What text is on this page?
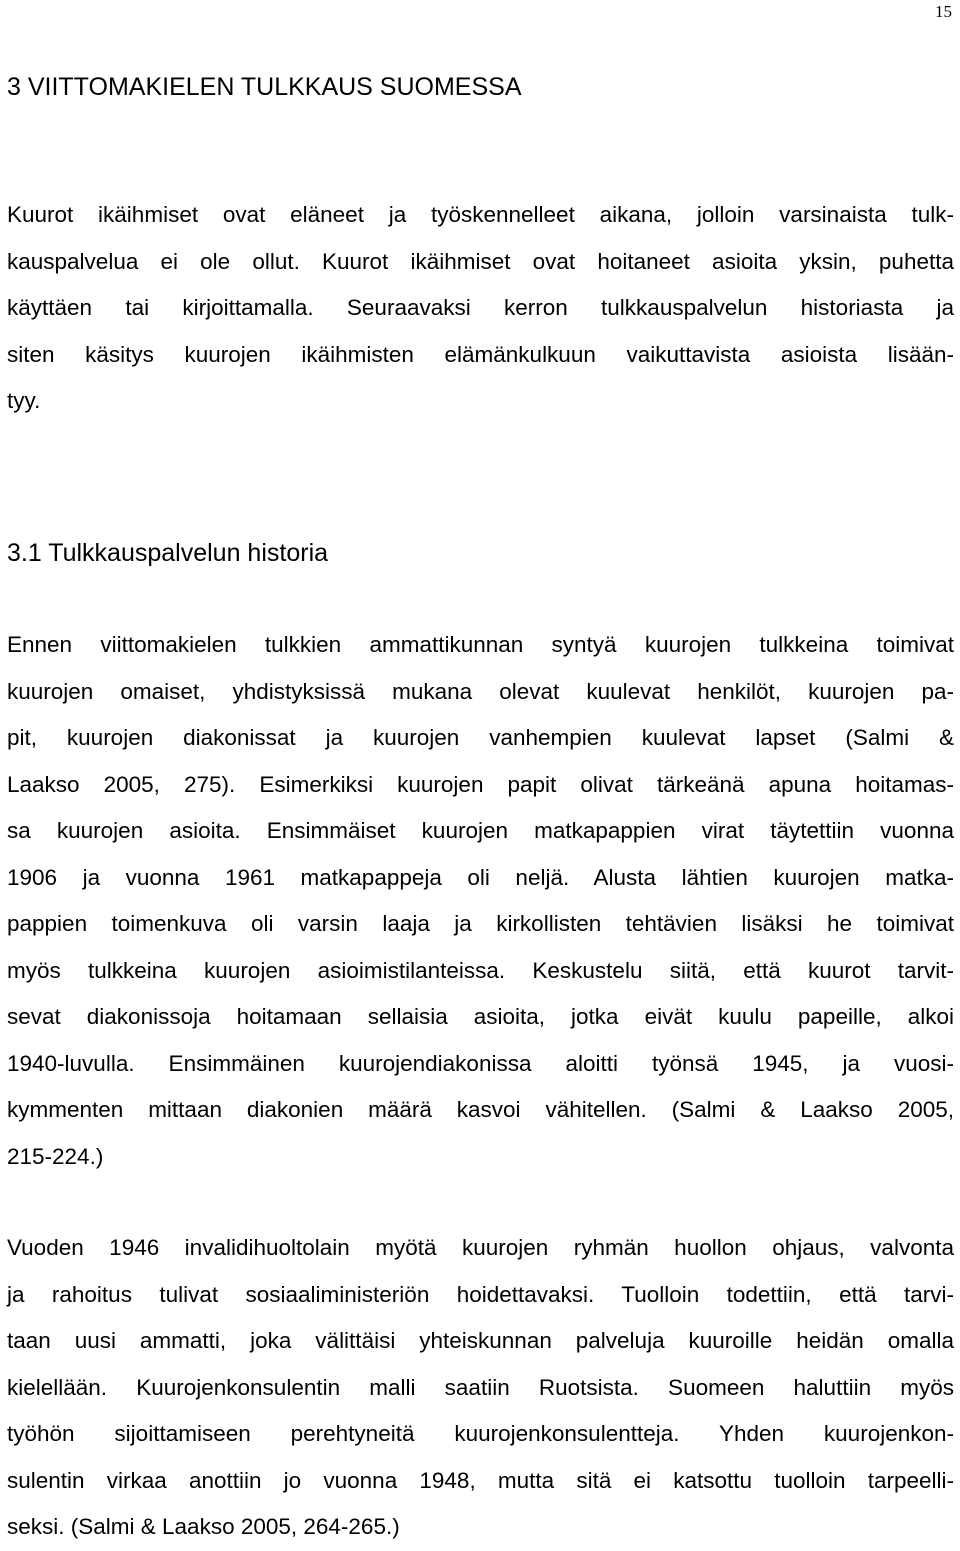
15
3 VIITTOMAKIELEN TULKKAUS SUOMESSA
Kuurot ikäihmiset ovat eläneet ja työskennelleet aikana, jolloin varsinaista tulk-
kauspalvelua ei ole ollut. Kuurot ikäihmiset ovat hoitaneet asioita yksin, puhetta
käyttäen tai kirjoittamalla. Seuraavaksi kerron tulkkauspalvelun historiasta ja
siten käsitys kuurojen ikäihmisten elämänkulkuun vaikuttavista asioista lisään-
tyy.
3.1 Tulkkauspalvelun historia
Ennen viittomakielen tulkkien ammattikunnan syntyä kuurojen tulkkeina toimivat
kuurojen omaiset, yhdistyksissä mukana olevat kuulevat henkilöt, kuurojen pa-
pit, kuurojen diakonissat ja kuurojen vanhempien kuulevat lapset (Salmi &
Laakso 2005, 275). Esimerkiksi kuurojen papit olivat tärkeänä apuna hoitamas-
sa kuurojen asioita. Ensimmäiset kuurojen matkapappien virat täytettiin vuonna
1906 ja vuonna 1961 matkapappeja oli neljä. Alusta lähtien kuurojen matka-
pappien toimenkuva oli varsin laaja ja kirkollisten tehtävien lisäksi he toimivat
myös tulkkeina kuurojen asioimistilanteissa. Keskustelu siitä, että kuurot tarvit-
sevat diakonissoja hoitamaan sellaisia asioita, jotka eivät kuulu papeille, alkoi
1940-luvulla. Ensimmäinen kuurojendiakonissa aloitti työnsä 1945, ja vuosi-
kymmenten mittaan diakonien määrä kasvoi vähitellen. (Salmi & Laakso 2005,
215-224.)
Vuoden 1946 invalidihuoltolain myötä kuurojen ryhmän huollon ohjaus, valvonta
ja rahoitus tulivat sosiaaliministeriön hoidettavaksi. Tuolloin todettiin, että tarvi-
taan uusi ammatti, joka välittäisi yhteiskunnan palveluja kuuroille heidän omalla
kielellään. Kuurojenkonsulentin malli saatiin Ruotsista. Suomeen haluttiin myös
työhön sijoittamiseen perehtyneitä kuurojenkonsulentteja. Yhden kuurojenkon-
sulentin virkaa anottiin jo vuonna 1948, mutta sitä ei katsottu tuolloin tarpeelli-
seksi. (Salmi & Laakso 2005, 264-265.)
